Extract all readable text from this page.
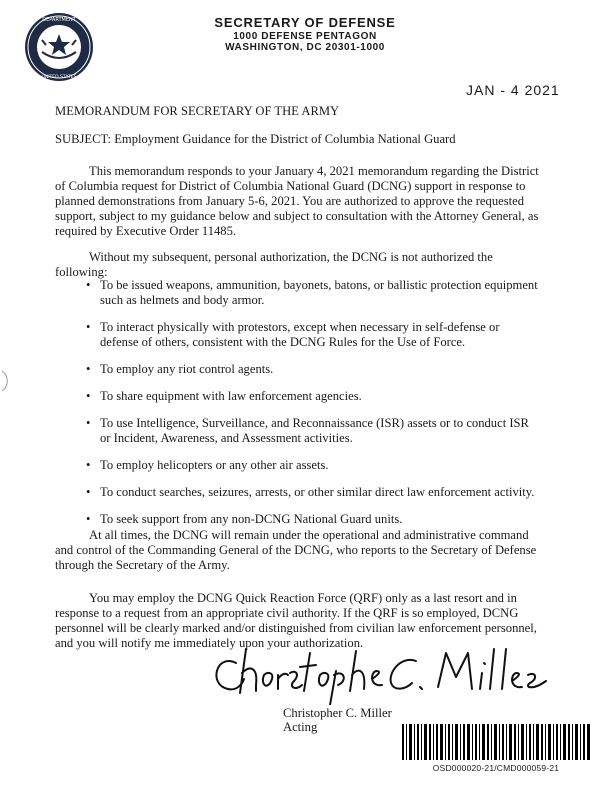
DEPARTMENT
UNITED STATES
SECRETARY OF DEFENSE
1000 DEFENSE PENTAGON
WASHINGTON, DC 20301-1000
JAN - 4 2021
MEMORANDUM FOR SECRETARY OF THE ARMY
SUBJECT: Employment Guidance for the District of Columbia National Guard
This memorandum responds to your January 4, 2021 memorandum regarding the District
of Columbia request for District of Columbia National Guard (DCNG) support in response to
planned demonstrations from January 5-6, 2021. You are authorized to approve the requested
support, subject to my guidance below and subject to consultation with the Attorney General, as
required by Executive Order 11485.
Without my subsequent, personal authorization, the DCNG is not authorized the following:
• To be issued weapons, ammunition, bayonets, batons, or ballistic protection equipment
such as helmets and body armor.
• To interact physically with protestors, except when necessary in self-defense or
defense of others, consistent with the DCNG Rules for the Use of Force.
• To employ any riot control agents.
• To share equipment with law enforcement agencies.
• To use Intelligence, Surveillance, and Reconnaissance (ISR) assets or to conduct ISR
or Incident, Awareness, and Assessment activities.
• To employ helicopters or any other air assets.
• To conduct searches, seizures, arrests, or other similar direct law enforcement activity.
• To seek support from any non-DCNG National Guard units.
At all times, the DCNG will remain under the operational and administrative command
and control of the Commanding General of the DCNG, who reports to the Secretary of Defense
through the Secretary of the Army.
You may employ the DCNG Quick Reaction Force (QRF) only as a last resort and in
response to a request from an appropriate civil authority. If the QRF is so employed, DCNG
personnel will be clearly marked and/or distinguished from civilian law enforcement personnel,
and you will notify me immediately upon your authorization.
Christopher C. Miller
Acting
OSD000020-21/CMD000059-21
